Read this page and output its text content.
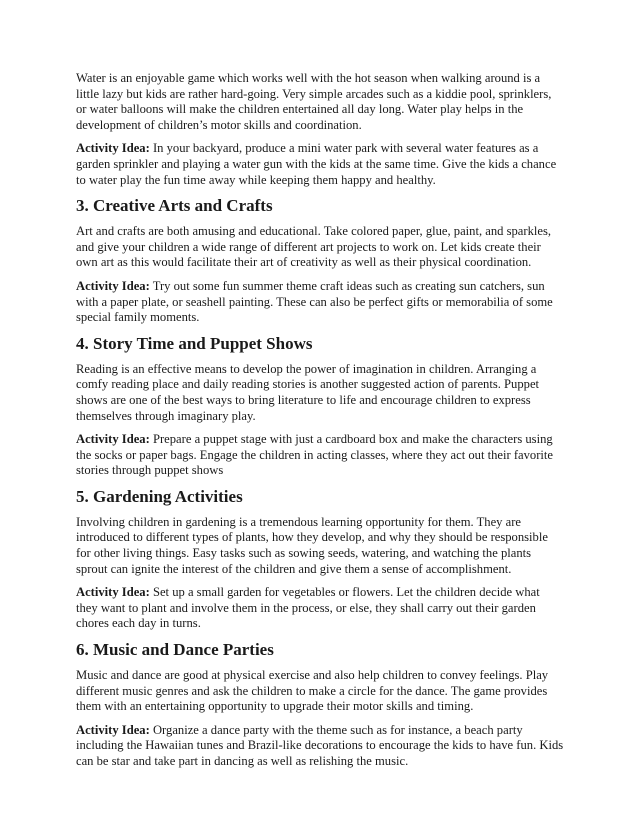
Water is an enjoyable game which works well with the hot season when walking around is a little lazy but kids are rather hard-going. Very simple arcades such as a kiddie pool, sprinklers, or water balloons will make the children entertained all day long. Water play helps in the development of children’s motor skills and coordination.

Activity Idea: In your backyard, produce a mini water park with several water features as a garden sprinkler and playing a water gun with the kids at the same time. Give the kids a chance to water play the fun time away while keeping them happy and healthy.

3. Creative Arts and Crafts

Art and crafts are both amusing and educational. Take colored paper, glue, paint, and sparkles, and give your children a wide range of different art projects to work on. Let kids create their own art as this would facilitate their art of creativity as well as their physical coordination.

Activity Idea: Try out some fun summer theme craft ideas such as creating sun catchers, sun with a paper plate, or seashell painting. These can also be perfect gifts or memorabilia of some special family moments.

4. Story Time and Puppet Shows

Reading is an effective means to develop the power of imagination in children. Arranging a comfy reading place and daily reading stories is another suggested action of parents. Puppet shows are one of the best ways to bring literature to life and encourage children to express themselves through imaginary play.

Activity Idea: Prepare a puppet stage with just a cardboard box and make the characters using the socks or paper bags. Engage the children in acting classes, where they act out their favorite stories through puppet shows

5. Gardening Activities

Involving children in gardening is a tremendous learning opportunity for them. They are introduced to different types of plants, how they develop, and why they should be responsible for other living things. Easy tasks such as sowing seeds, watering, and watching the plants sprout can ignite the interest of the children and give them a sense of accomplishment.

Activity Idea: Set up a small garden for vegetables or flowers. Let the children decide what they want to plant and involve them in the process, or else, they shall carry out their garden chores each day in turns.

6. Music and Dance Parties

Music and dance are good at physical exercise and also help children to convey feelings. Play different music genres and ask the children to make a circle for the dance. The game provides them with an entertaining opportunity to upgrade their motor skills and timing.

Activity Idea: Organize a dance party with the theme such as for instance, a beach party including the Hawaiian tunes and Brazil-like decorations to encourage the kids to have fun. Kids can be star and take part in dancing as well as relishing the music.
